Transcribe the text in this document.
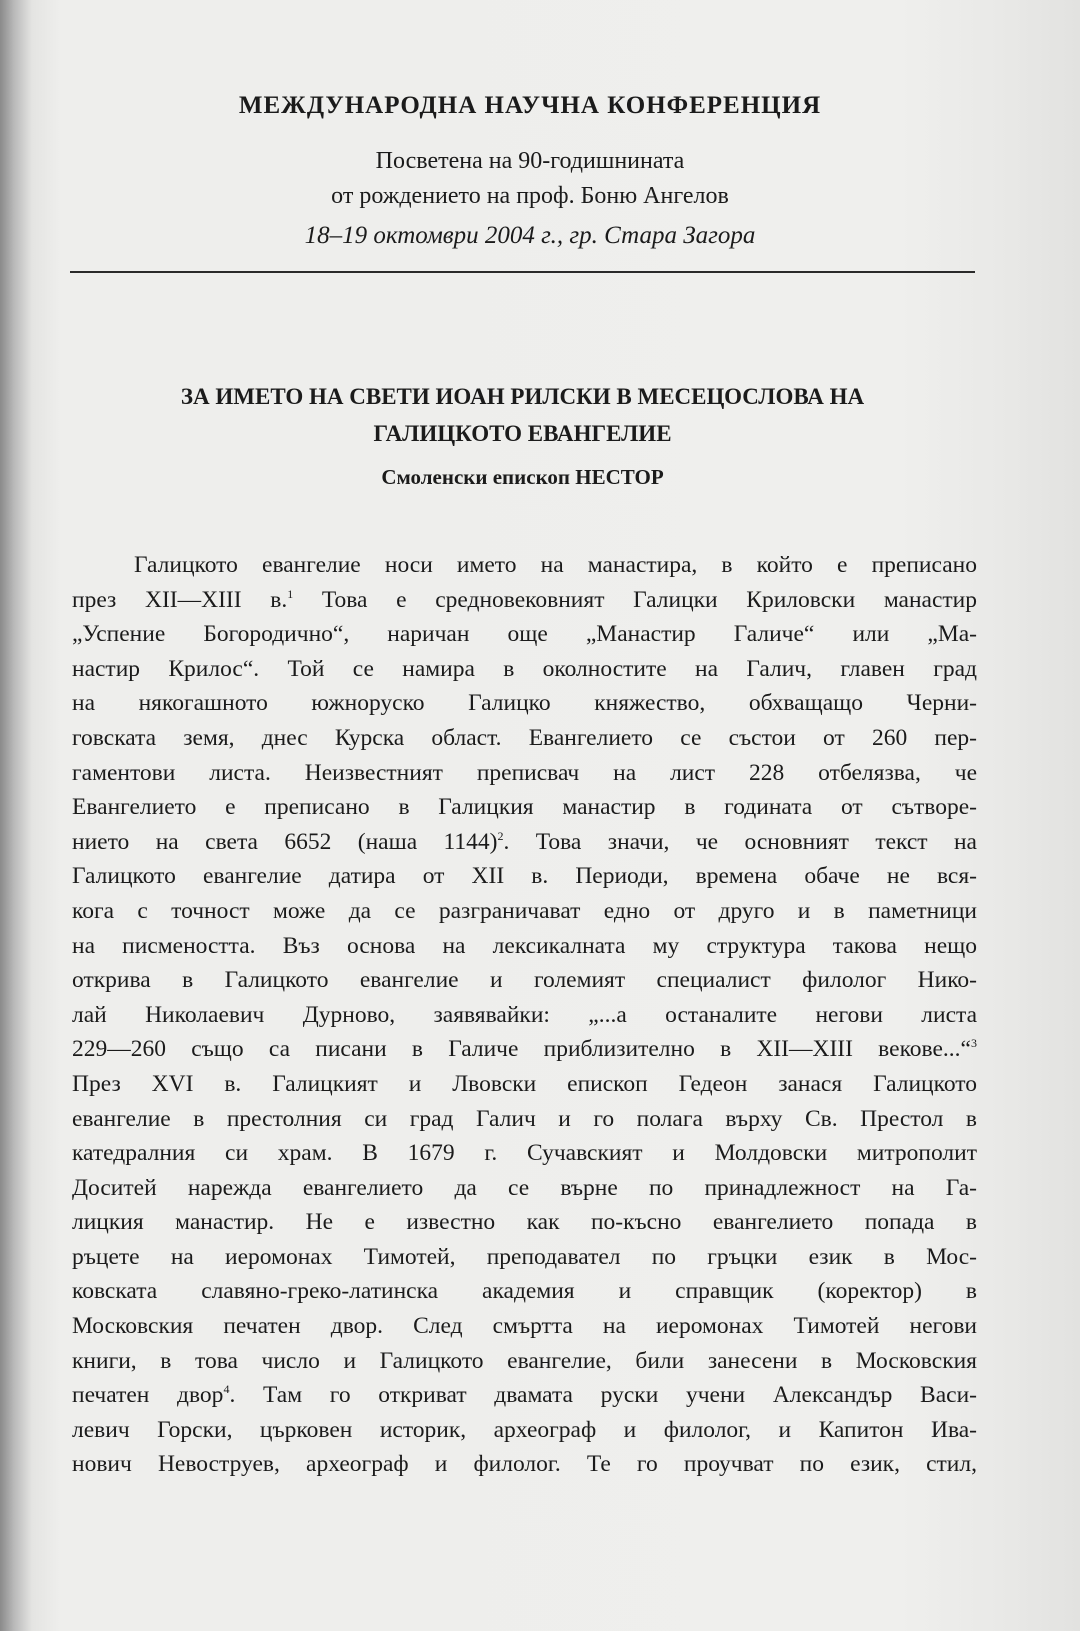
МЕЖДУНАРОДНА НАУЧНА КОНФЕРЕНЦИЯ

Посветена на 90-годишнината

от рождението на проф. Боню Ангелов

18–19 октомври 2004 г., гр. Стара Загора

ЗА ИМЕТО НА СВЕТИ ИОАН РИЛСКИ В МЕСЕЦОСЛОВА НА
ГАЛИЦКОТО ЕВАНГЕЛИЕ

Смоленски епископ НЕСТОР

Галицкото евангелие носи името на манастира, в който е преписано
през XII—XIII в.$^1$ Това е средновековният Галицки Криловски манастир
„Успение Богородично“, наричан още „Манастир Галиче“ или „Ма-
настир Крилос“. Той се намира в околностите на Галич, главен град
на някогашното южноруско Галицко княжество, обхващащо Черни-
говската земя, днес Курска област. Евангелието се състои от 260 пер-
гаментови листа. Неизвестният преписвач на лист 228 отбелязва, че
Евангелието е преписано в Галицкия манастир в годината от сътворе-
нието на света 6652 (наша 1144)$^2$. Това значи, че основният текст на
Галицкото евангелие датира от XII в. Периоди, времена обаче не вся-
кога с точност може да се разграничават едно от друго и в паметници
на писмеността. Въз основа на лексикалната му структура такова нещо
открива в Галицкото евангелие и големият специалист филолог Нико-
лай Николаевич Дурново, заявявайки: „...а останалите негови листа
229—260 също са писани в Галиче приблизително в XII—XIII векове...“$^3$
През XVI в. Галицкият и Лвовски епископ Гедеон занася Галицкото
евангелие в престолния си град Галич и го полага върху Св. Престол в
катедралния си храм. В 1679 г. Сучавският и Молдовски митрополит
Доситей нарежда евангелието да се върне по принадлежност на Га-
лицкия манастир. Не е известно как по-късно евангелието попада в
ръцете на иеромонах Тимотей, преподавател по гръцки език в Мос-
ковската славяно-греко-латинска академия и справщик (коректор) в
Московския печатен двор. След смъртта на иеромонах Тимотей негови
книги, в това число и Галицкото евангелие, били занесени в Московския
печатен двор$^4$. Там го откриват двамата руски учени Александър Васи-
левич Горски, църковен историк, археограф и филолог, и Капитон Ива-
нович Невоструев, археограф и филолог. Те го проучват по език, стил,
